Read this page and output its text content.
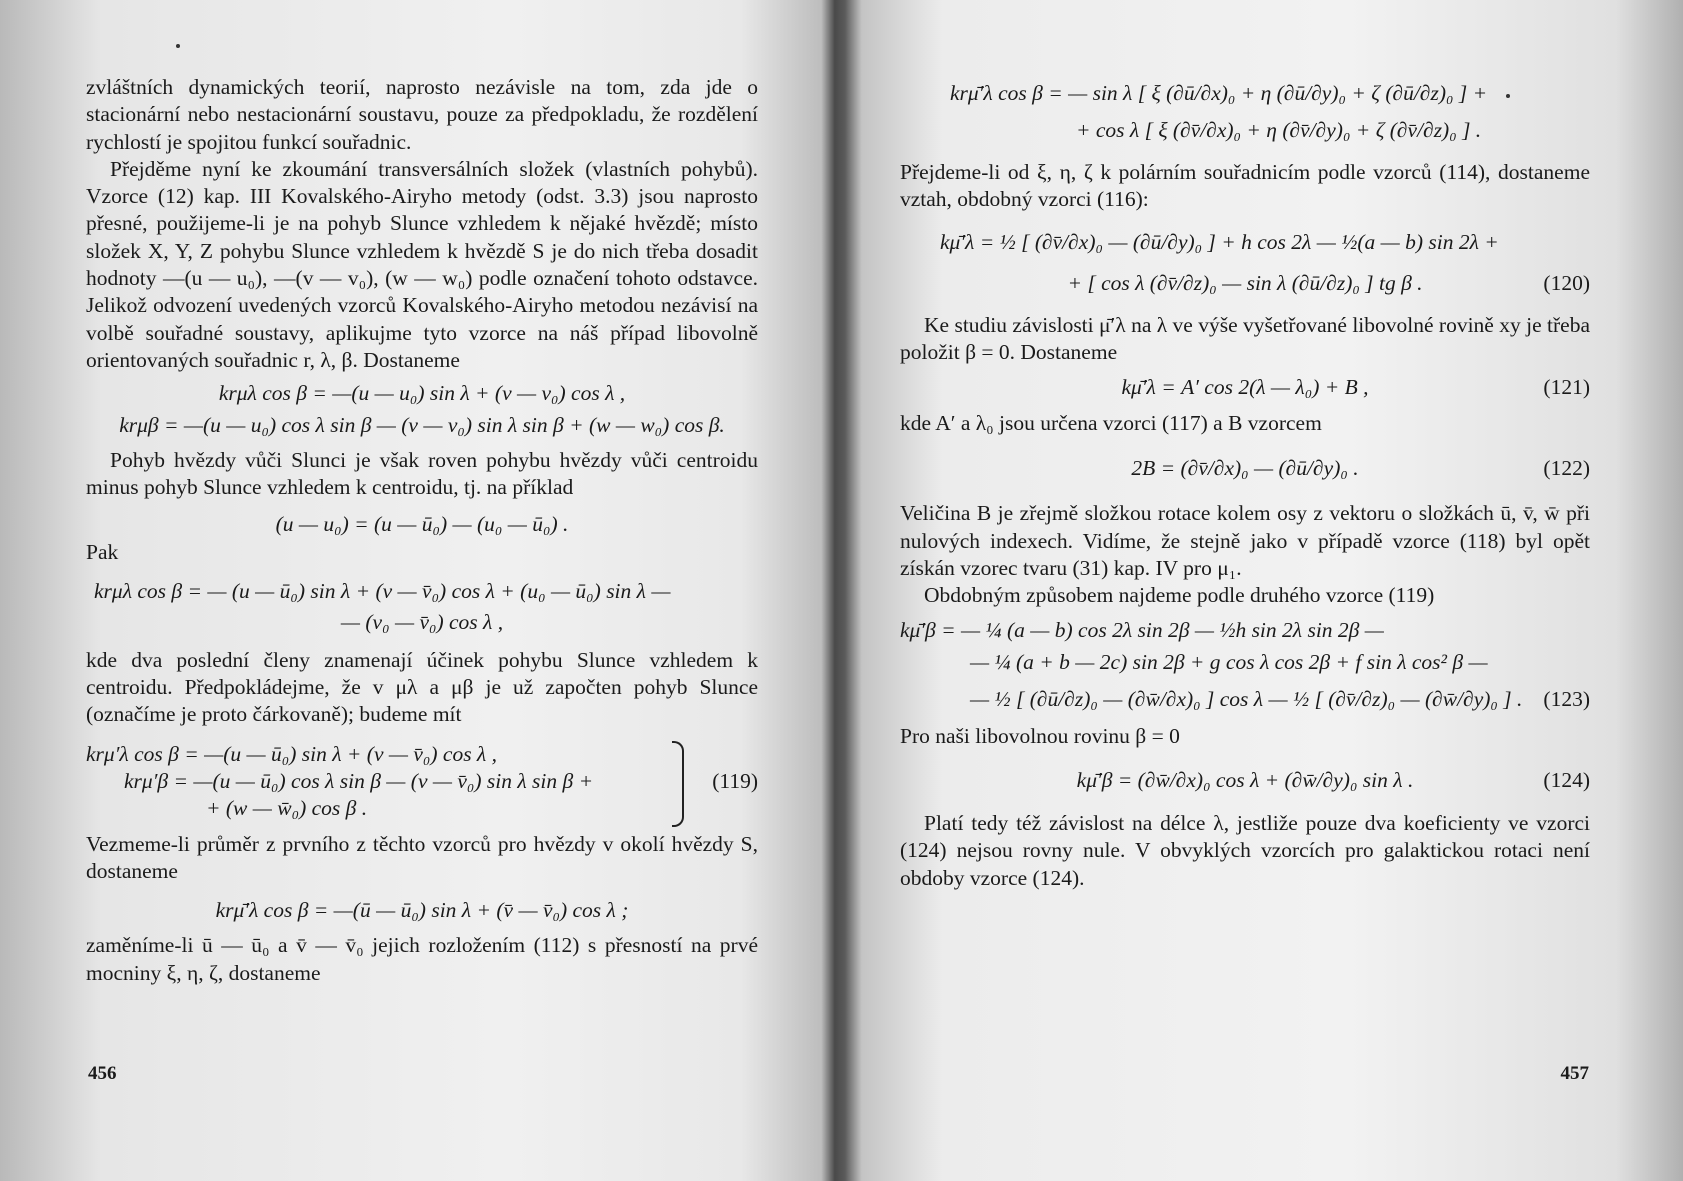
zvláštních dynamických teorií, naprosto nezávisle na tom, zda jde o stacionární nebo nestacionární soustavu, pouze za předpokladu, že rozdělení rychlostí je spojitou funkcí souřadnic.

Přejděme nyní ke zkoumání transversálních složek (vlastních pohybů). Vzorce (12) kap. III Kovalského-Airyho metody (odst. 3.3) jsou naprosto přesné, použijeme-li je na pohyb Slunce vzhledem k nějaké hvězdě; místo složek X, Y, Z pohybu Slunce vzhledem k hvězdě S je do nich třeba dosadit hodnoty —(u — u₀), —(v — v₀), (w — w₀) podle označení tohoto odstavce. Jelikož odvození uvedených vzorců Kovalského-Airyho metodou nezávisí na volbě souřadné soustavy, aplikujme tyto vzorce na náš případ libovolně orientovaných souřadnic r, λ, β. Dostaneme

krμλ cos β = —(u — u₀) sin λ + (v — v₀) cos λ ,
krμβ = —(u — u₀) cos λ sin β — (v — v₀) sin λ sin β + (w — w₀) cos β.

Pohyb hvězdy vůči Slunci je však roven pohybu hvězdy vůči centroidu minus pohyb Slunce vzhledem k centroidu, tj. na příklad

(u — u₀) = (u — ū₀) — (u₀ — ū₀) .

Pak

krμλ cos β = — (u — ū₀) sin λ + (v — v̄₀) cos λ + (u₀ — ū₀) sin λ —
— (v₀ — v̄₀) cos λ ,

kde dva poslední členy znamenají účinek pohybu Slunce vzhledem k centroidu. Předpokládejme, že v μλ a μβ je už započten pohyb Slunce (označíme je proto čárkovaně); budeme mít

krμ′λ cos β = —(u — ū₀) sin λ + (v — v̄₀) cos λ ,
krμ′β = —(u — ū₀) cos λ sin β — (v — v̄₀) sin λ sin β +
+ (w — w̄₀) cos β .
(119)

Vezmeme-li průměr z prvního z těchto vzorců pro hvězdy v okolí hvězdy S, dostaneme

krμ̄′λ cos β = —(ū — ū₀) sin λ + (v̄ — v̄₀) cos λ ;

zaměníme-li ū — ū₀ a v̄ — v̄₀ jejich rozložením (112) s přesností na prvé mocniny ξ, η, ζ, dostaneme

456
krμ̄′λ cos β = — sin λ
[ ξ (∂ū/∂x)₀ + η (∂ū/∂y)₀ + ζ (∂ū/∂z)₀ ] +
+ cos λ
[ ξ (∂v̄/∂x)₀ + η (∂v̄/∂y)₀ + ζ (∂v̄/∂z)₀ ] .

Přejdeme-li od ξ, η, ζ k polárním souřadnicím podle vzorců (114), dostaneme vztah, obdobný vzorci (116):

kμ̄′λ = ½ [ (∂v̄/∂x)₀ — (∂ū/∂y)₀ ] + h cos 2λ — ½(a — b) sin 2λ +
+ [ cos λ (∂v̄/∂z)₀ — sin λ (∂ū/∂z)₀ ] tg β .	(120)

Ke studiu závislosti μ̄′λ na λ ve výše vyšetřované libovolné rovině xy je třeba položit β = 0. Dostaneme

kμ̄′λ = A′ cos 2(λ — λ₀) + B ,	(121)

kde A′ a λ₀ jsou určena vzorci (117) a B vzorcem

2B = (∂v̄/∂x)₀ — (∂ū/∂y)₀ .	(122)

Veličina B je zřejmě složkou rotace kolem osy z vektoru o složkách ū, v̄, w̄ při nulových indexech. Vidíme, že stejně jako v případě vzorce (118) byl opět získán vzorec tvaru (31) kap. IV pro μ₁.

Obdobným způsobem najdeme podle druhého vzorce (119)

kμ̄′β = — ¼ (a — b) cos 2λ sin 2β — ½h sin 2λ sin 2β —
— ¼ (a + b — 2c) sin 2β + g cos λ cos 2β + f sin λ cos² β —
— ½ [ (∂ū/∂z)₀ — (∂w̄/∂x)₀ ] cos λ — ½ [ (∂v̄/∂z)₀ — (∂w̄/∂y)₀ ] . (123)

Pro naši libovolnou rovinu β = 0

kμ̄′β = (∂w̄/∂x)₀ cos λ + (∂w̄/∂y)₀ sin λ .	(124)

Platí tedy též závislost na délce λ, jestliže pouze dva koeficienty ve vzorci (124) nejsou rovny nule. V obvyklých vzorcích pro galaktickou rotaci není obdoby vzorce (124).

457
